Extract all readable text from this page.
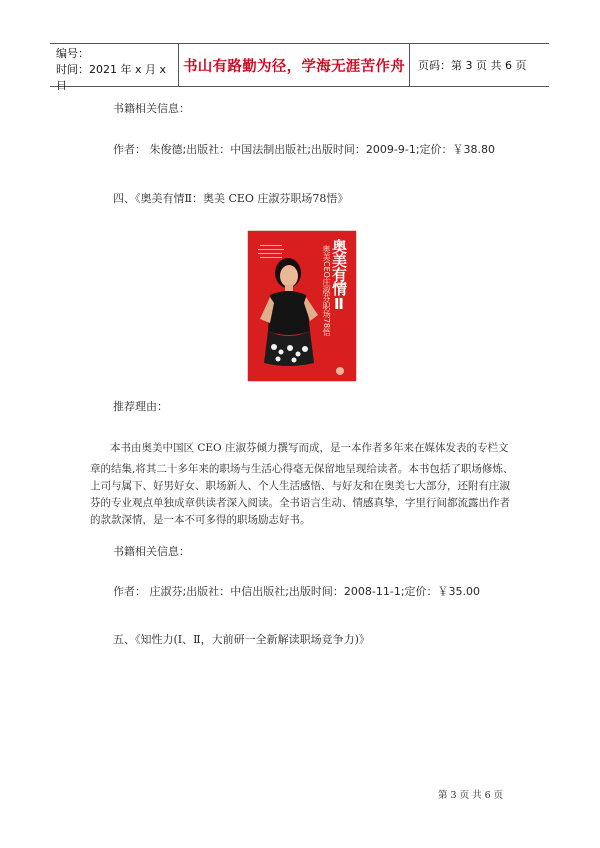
编号：
时间：2021 年 x 月 x 日
书山有路勤为径，学海无涯苦作舟	页码：第 3 页 共 6 页
书籍相关信息：
作者： 朱俊德;出版社：中国法制出版社;出版时间：2009-9-1;定价：￥38.80
四、《奥美有情Ⅱ：奥美 CEO 庄淑芬职场78悟》
奥美有情Ⅱ
奥美CEO庄淑芬职场78悟
推荐理由：
本书由奥美中国区 CEO 庄淑芬倾力撰写而成，是一本作者多年来在媒体发表的专栏文
章的结集,将其二十多年来的职场与生活心得毫无保留地呈现给读者。本书包括了职场修炼、上司与属下、好男好女、职场新人、个人生活感悟、与好友和在奥美七大部分，还附有庄淑芬的专业观点单独成章供读者深入阅读。全书语言生动、情感真挚，字里行间都流露出作者的款款深情，是一本不可多得的职场励志好书。
书籍相关信息：
作者： 庄淑芬;出版社：中信出版社;出版时间：2008-11-1;定价：￥35.00
五、《知性力(Ⅰ、Ⅱ，大前研一全新解读职场竞争力)》
第 3 页 共 6 页
